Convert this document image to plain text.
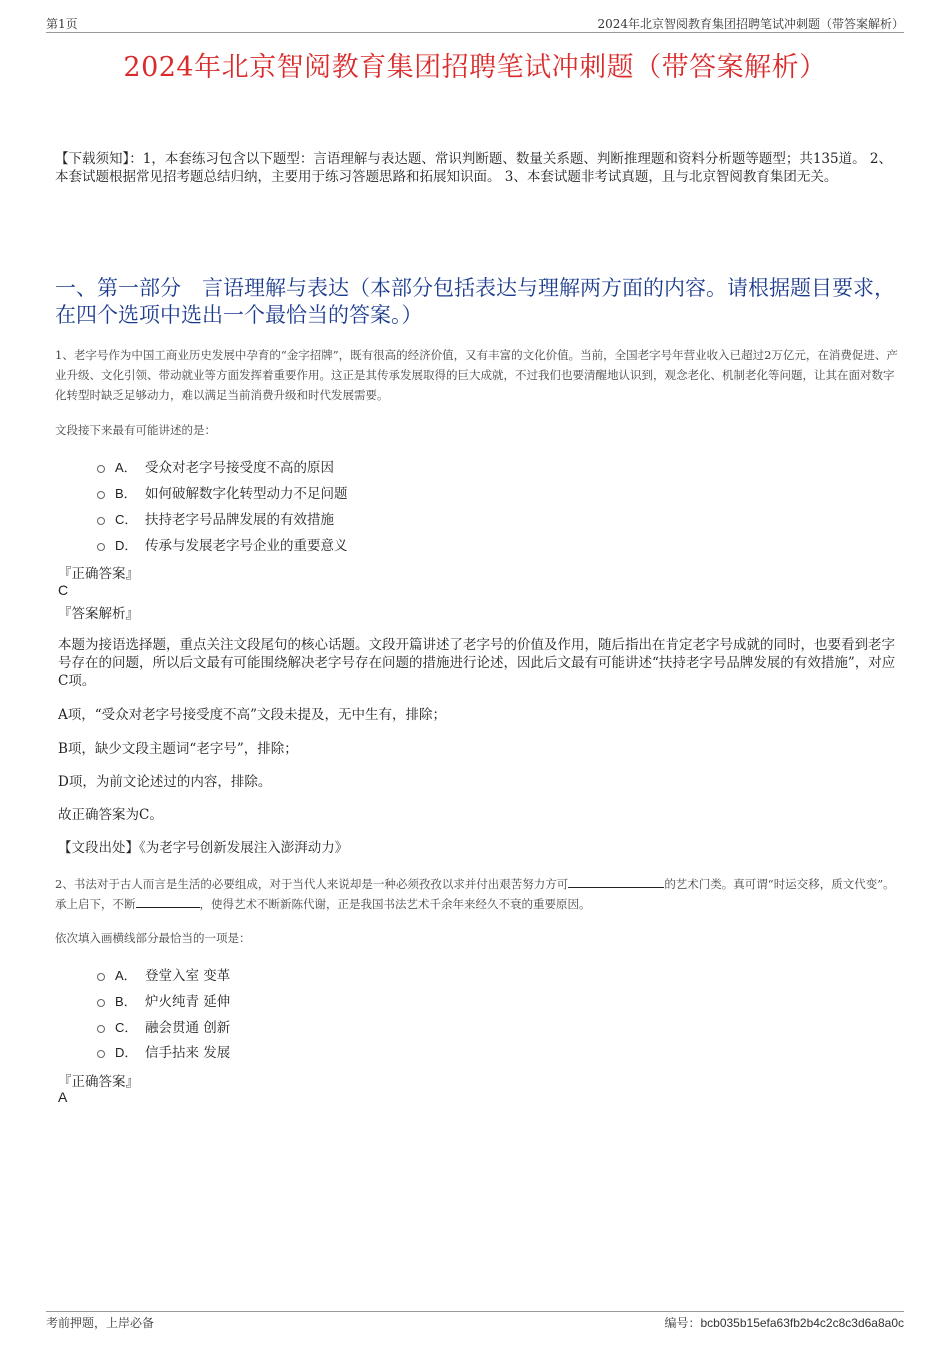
第1页	2024年北京智阅教育集团招聘笔试冲刺题（带答案解析）
2024年北京智阅教育集团招聘笔试冲刺题（带答案解析）
【下载须知】：1，本套练习包含以下题型：言语理解与表达题、常识判断题、数量关系题、判断推理题和资料分析题等题型；共135道。 2、本套试题根据常见招考题总结归纳，主要用于练习答题思路和拓展知识面。 3、本套试题非考试真题，且与北京智阅教育集团无关。
一、第一部分　言语理解与表达（本部分包括表达与理解两方面的内容。请根据题目要求，在四个选项中选出一个最恰当的答案。）
1、老字号作为中国工商业历史发展中孕育的“金字招牌”，既有很高的经济价值，又有丰富的文化价值。当前，全国老字号年营业收入已超过2万亿元，在消费促进、产业升级、文化引领、带动就业等方面发挥着重要作用。这正是其传承发展取得的巨大成就，不过我们也要清醒地认识到，观念老化、机制老化等问题，让其在面对数字化转型时缺乏足够动力，难以满足当前消费升级和时代发展需要。
文段接下来最有可能讲述的是：
A． 受众对老字号接受度不高的原因
B． 如何破解数字化转型动力不足问题
C． 扶持老字号品牌发展的有效措施
D． 传承与发展老字号企业的重要意义
『正确答案』
C
『答案解析』
本题为接语选择题，重点关注文段尾句的核心话题。文段开篇讲述了老字号的价值及作用，随后指出在肯定老字号成就的同时，也要看到老字号存在的问题，所以后文最有可能围绕解决老字号存在问题的措施进行论述，因此后文最有可能讲述“扶持老字号品牌发展的有效措施”，对应C项。
A项，“受众对老字号接受度不高”文段未提及，无中生有，排除；
B项，缺少文段主题词“老字号”，排除；
D项，为前文论述过的内容，排除。
故正确答案为C。
【文段出处】《为老字号创新发展注入澎湃动力》
2、书法对于古人而言是生活的必要组成，对于当代人来说却是一种必须孜孜以求并付出艰苦努力方可	的艺术门类。真可谓“时运交移，质文代变”。承上启下，不断	，使得艺术不断新陈代谢，正是我国书法艺术千余年来经久不衰的重要原因。
依次填入画横线部分最恰当的一项是：
A． 登堂入室 变革
B． 炉火纯青 延伸
C． 融会贯通 创新
D． 信手拈来 发展
『正确答案』
A
考前押题，上岸必备	编号：bcb035b15efa63fb2b4c2c8c3d6a8a0c
